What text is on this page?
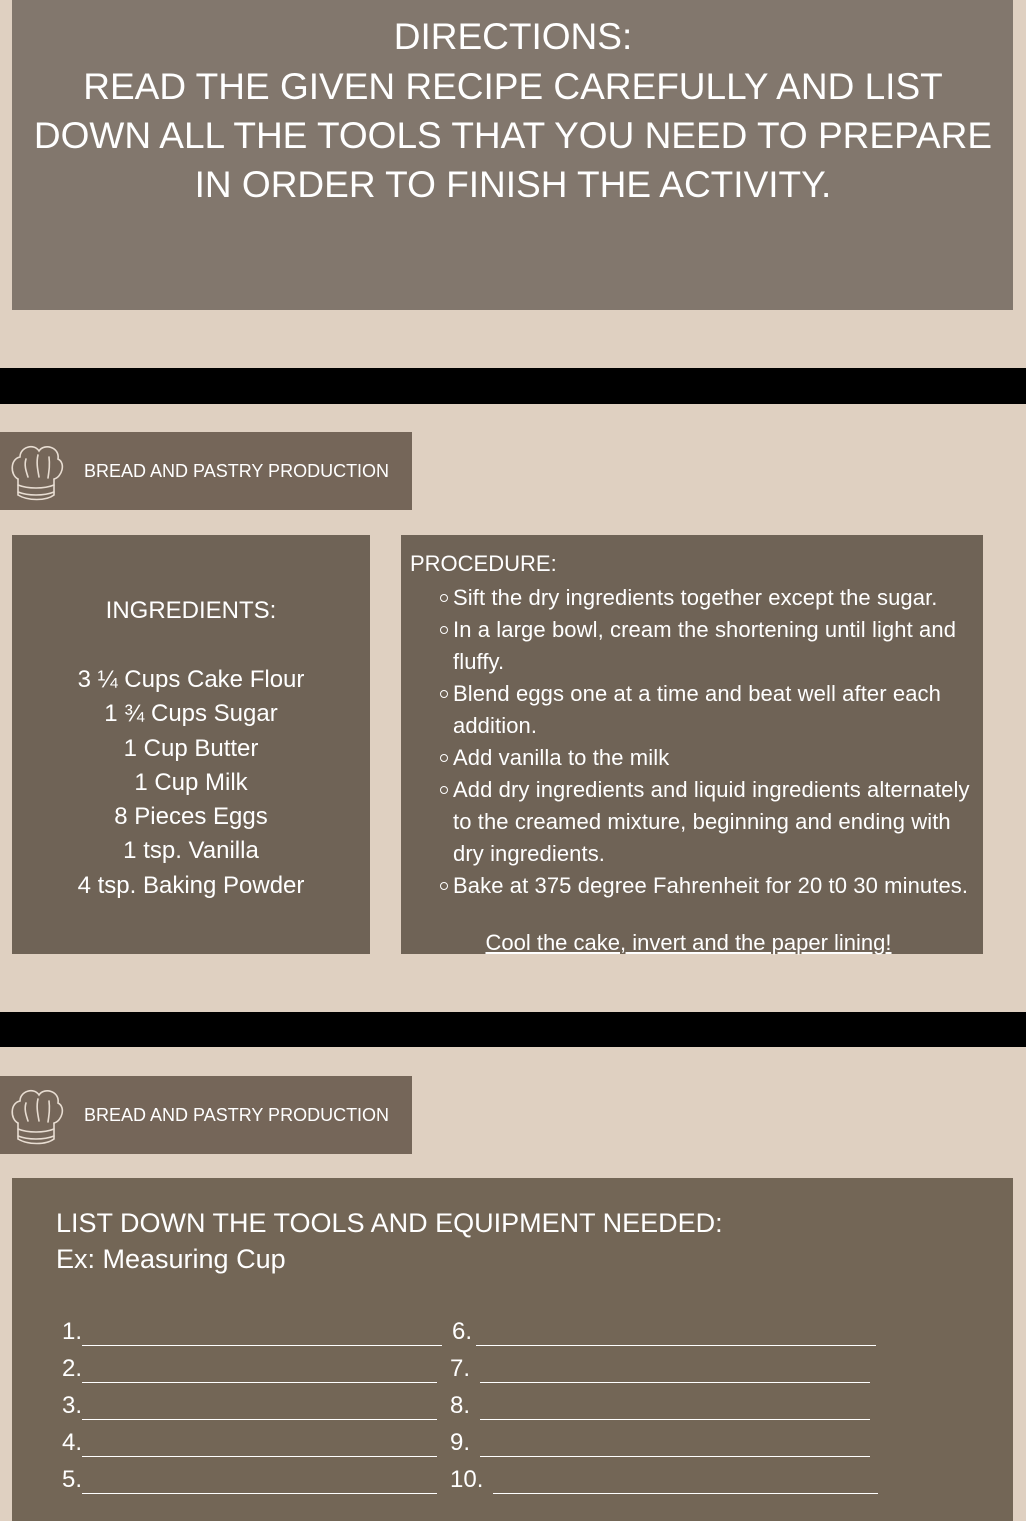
DIRECTIONS:
READ THE GIVEN RECIPE CAREFULLY AND LIST
DOWN ALL THE TOOLS THAT YOU NEED TO PREPARE
IN ORDER TO FINISH THE ACTIVITY.
BREAD AND PASTRY PRODUCTION
INGREDIENTS:
3 ¼ Cups Cake Flour
1 ¾ Cups Sugar
1 Cup Butter
1 Cup Milk
8 Pieces Eggs
1 tsp. Vanilla
4 tsp. Baking Powder
PROCEDURE:
Sift the dry ingredients together except the sugar.
In a large bowl, cream the shortening until light and fluffy.
Blend eggs one at a time and beat well after each addition.
Add vanilla to the milk
Add dry ingredients and liquid ingredients alternately to the creamed mixture, beginning and ending with dry ingredients.
Bake at 375 degree Fahrenheit for 20 t0 30 minutes.
Cool the cake, invert and the paper lining!
BREAD AND PASTRY PRODUCTION
LIST DOWN THE TOOLS AND EQUIPMENT NEEDED:
Ex: Measuring Cup
1.
2.
3.
4.
5.
6.
7.
8.
9.
10.
